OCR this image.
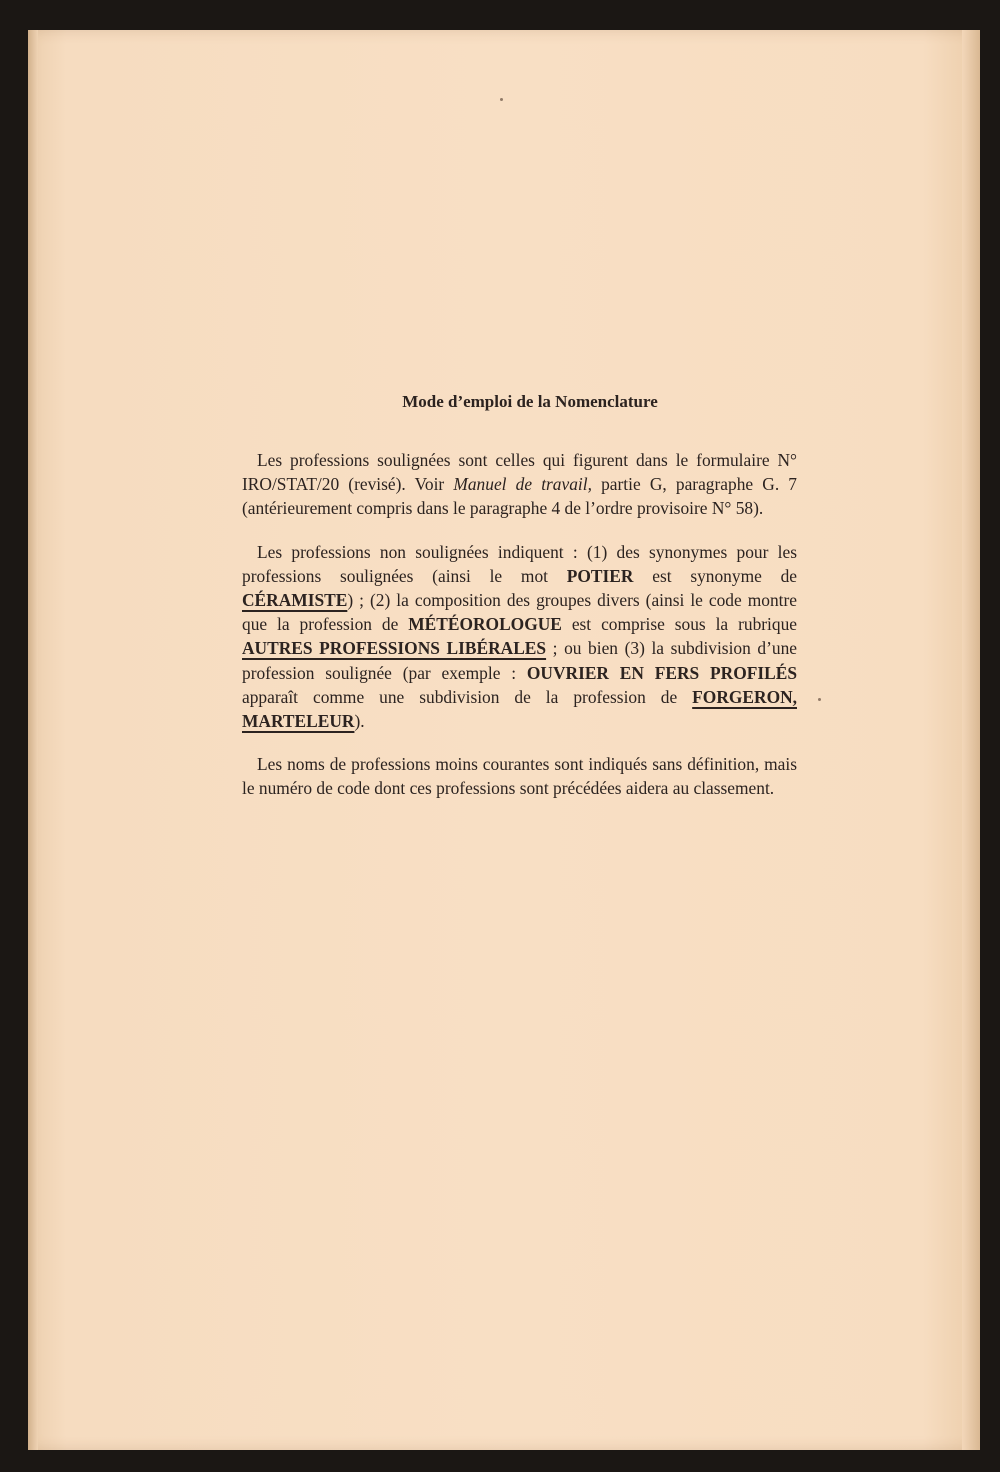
Mode d’emploi de la Nomenclature

Les professions soulignées sont celles qui figurent dans le formulaire N° IRO/STAT/20 (revisé). Voir Manuel de travail, partie G, paragraphe G. 7 (antérieurement compris dans le paragraphe 4 de l’ordre provisoire N° 58).

Les professions non soulignées indiquent : (1) des synonymes pour les professions soulignées (ainsi le mot POTIER est synonyme de CÉRAMISTE) ; (2) la composition des groupes divers (ainsi le code montre que la profession de MÉTÉOROLOGUE est comprise sous la rubrique AUTRES PROFESSIONS LIBÉRALES ; ou bien (3) la subdivision d’une profession soulignée (par exemple : OUVRIER EN FERS PROFILÉS apparaît comme une subdivision de la profession de FORGERON, MARTELEUR).

Les noms de professions moins courantes sont indiqués sans définition, mais le numéro de code dont ces professions sont précédées aidera au classement.
